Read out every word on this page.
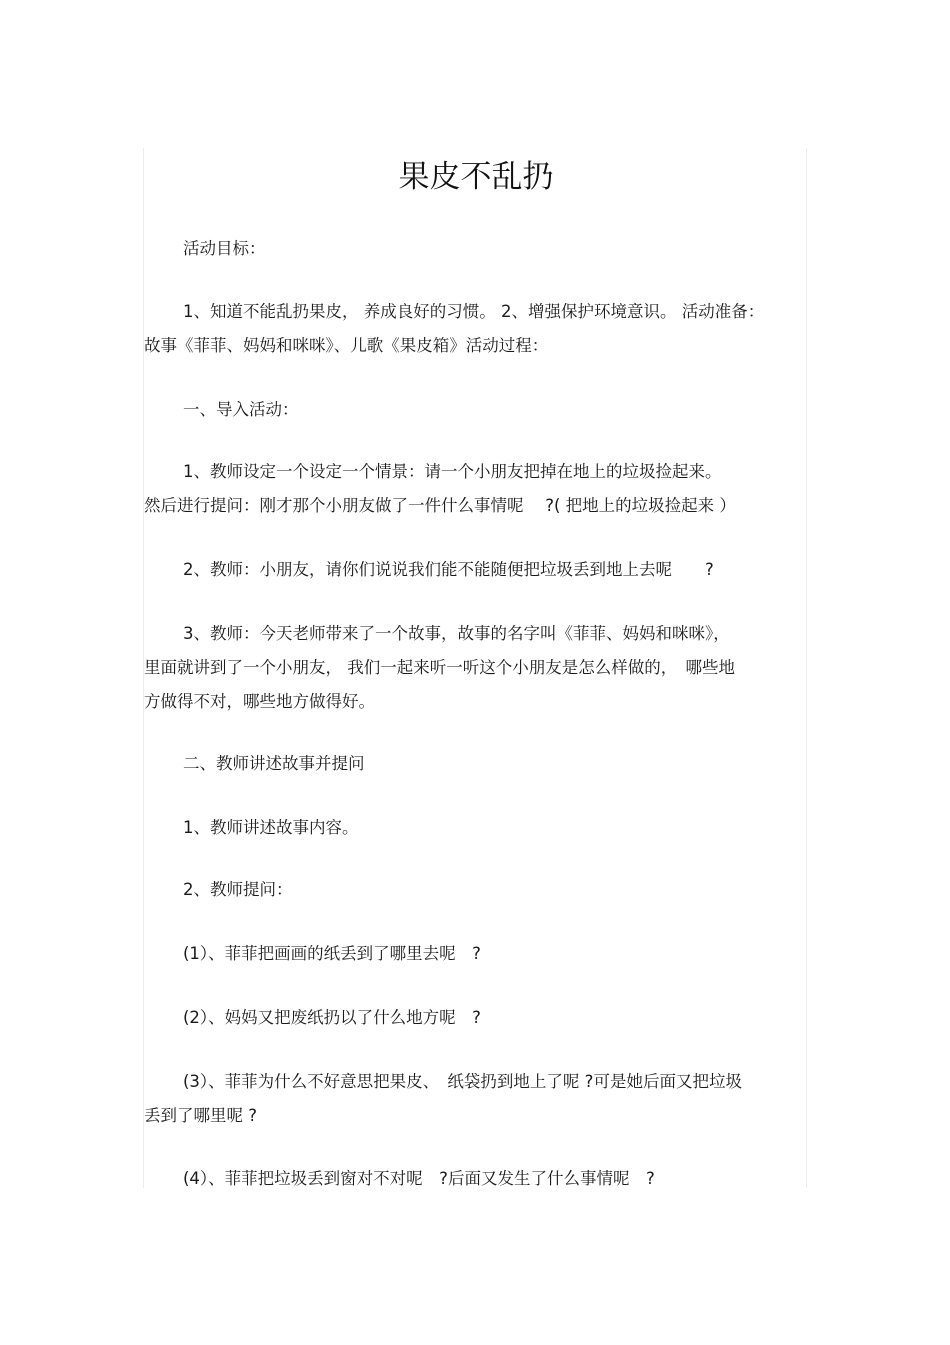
果皮不乱扔
活动目标：
1、知道不能乱扔果皮， 养成良好的习惯。 2、增强保护环境意识。 活动准备：
故事《菲菲、妈妈和咪咪》、儿歌《果皮箱》活动过程：
一、导入活动：
1、教师设定一个设定一个情景：请一个小朋友把掉在地上的垃圾捡起来。
然后进行提问：刚才那个小朋友做了一件什么事情呢　 ?( 把地上的垃圾捡起来 ）
2、教师：小朋友，请你们说说我们能不能随便把垃圾丢到地上去呢　　?
3、教师：今天老师带来了一个故事，故事的名字叫《菲菲、妈妈和咪咪》，
里面就讲到了一个小朋友， 我们一起来听一听这个小朋友是怎么样做的，　哪些地
方做得不对，哪些地方做得好。
二、教师讲述故事并提问
1、教师讲述故事内容。
2、教师提问：
(1）、菲菲把画画的纸丢到了哪里去呢　?
(2）、妈妈又把废纸扔以了什么地方呢　?
(3）、菲菲为什么不好意思把果皮、　纸袋扔到地上了呢 ?可是她后面又把垃圾
丢到了哪里呢 ?
(4）、菲菲把垃圾丢到窗对不对呢　?后面又发生了什么事情呢　?
